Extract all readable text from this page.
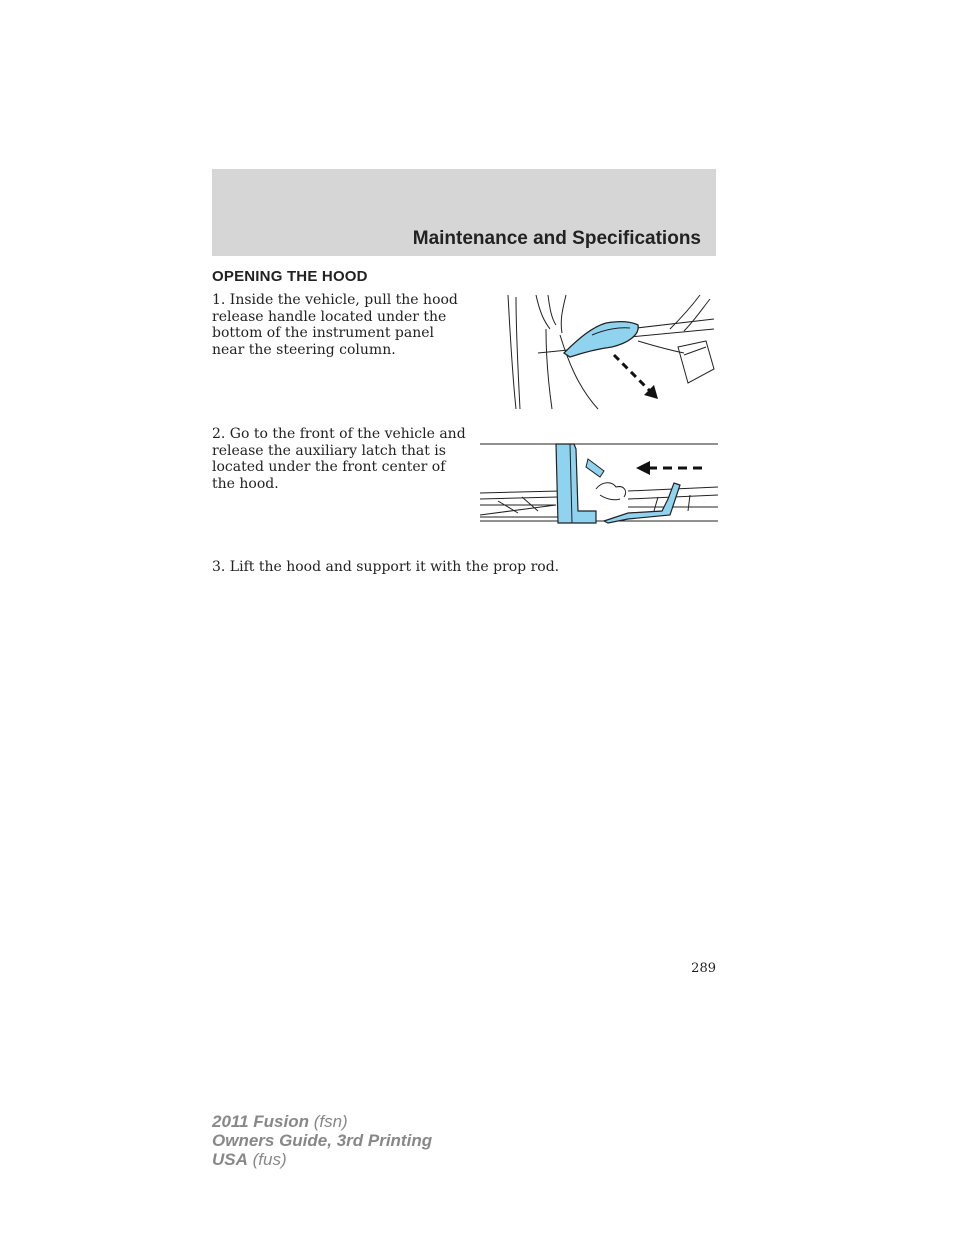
Maintenance and Specifications
OPENING THE HOOD
1. Inside the vehicle, pull the hood release handle located under the bottom of the instrument panel near the steering column.
2. Go to the front of the vehicle and release the auxiliary latch that is located under the front center of the hood.
3. Lift the hood and support it with the prop rod.
289
2011 Fusion (fsn)
Owners Guide, 3rd Printing
USA (fus)
